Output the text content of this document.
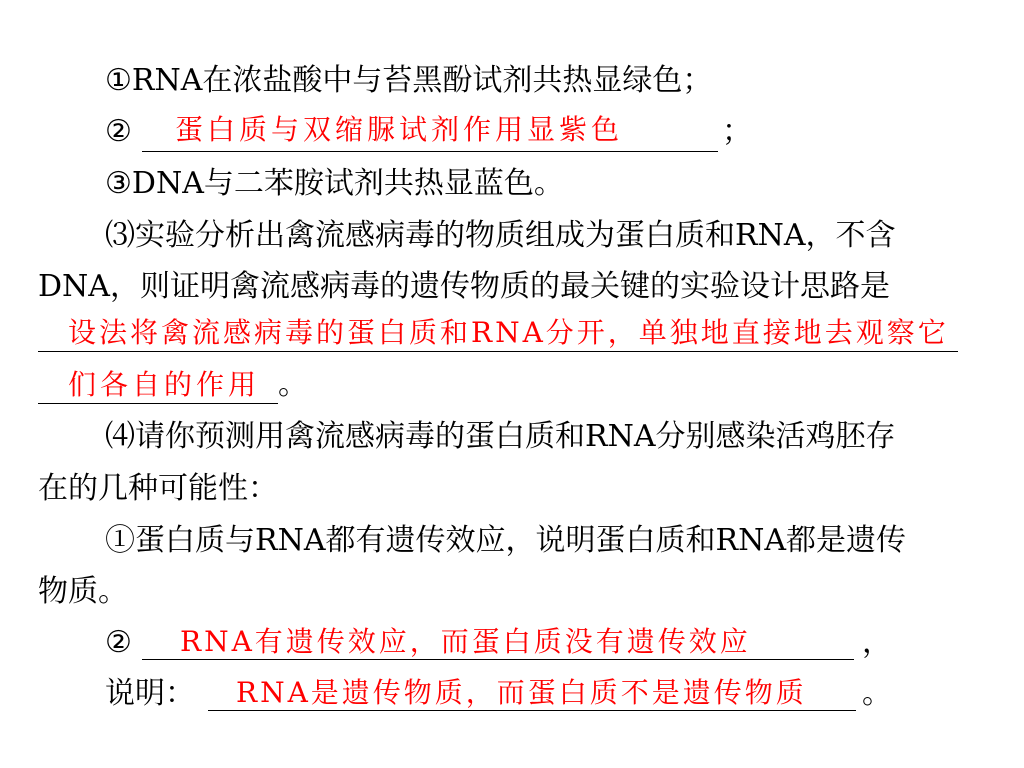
①RNA在浓盐酸中与苔黑酚试剂共热显绿色；
② 蛋白质与双缩脲试剂作用显紫色	；
③DNA与二苯胺试剂共热显蓝色。
⑶实验分析出禽流感病毒的物质组成为蛋白质和RNA，不含
DNA，则证明禽流感病毒的遗传物质的最关键的实验设计思路是
设法将禽流感病毒的蛋白质和RNA分开，单独地直接地去观察它
们各自的作用 。
⑷请你预测用禽流感病毒的蛋白质和RNA分别感染活鸡胚存
在的几种可能性：
①蛋白质与RNA都有遗传效应，说明蛋白质和RNA都是遗传
物质。
② RNA有遗传效应，而蛋白质没有遗传效应	，
说明： RNA是遗传物质，而蛋白质不是遗传物质 。
